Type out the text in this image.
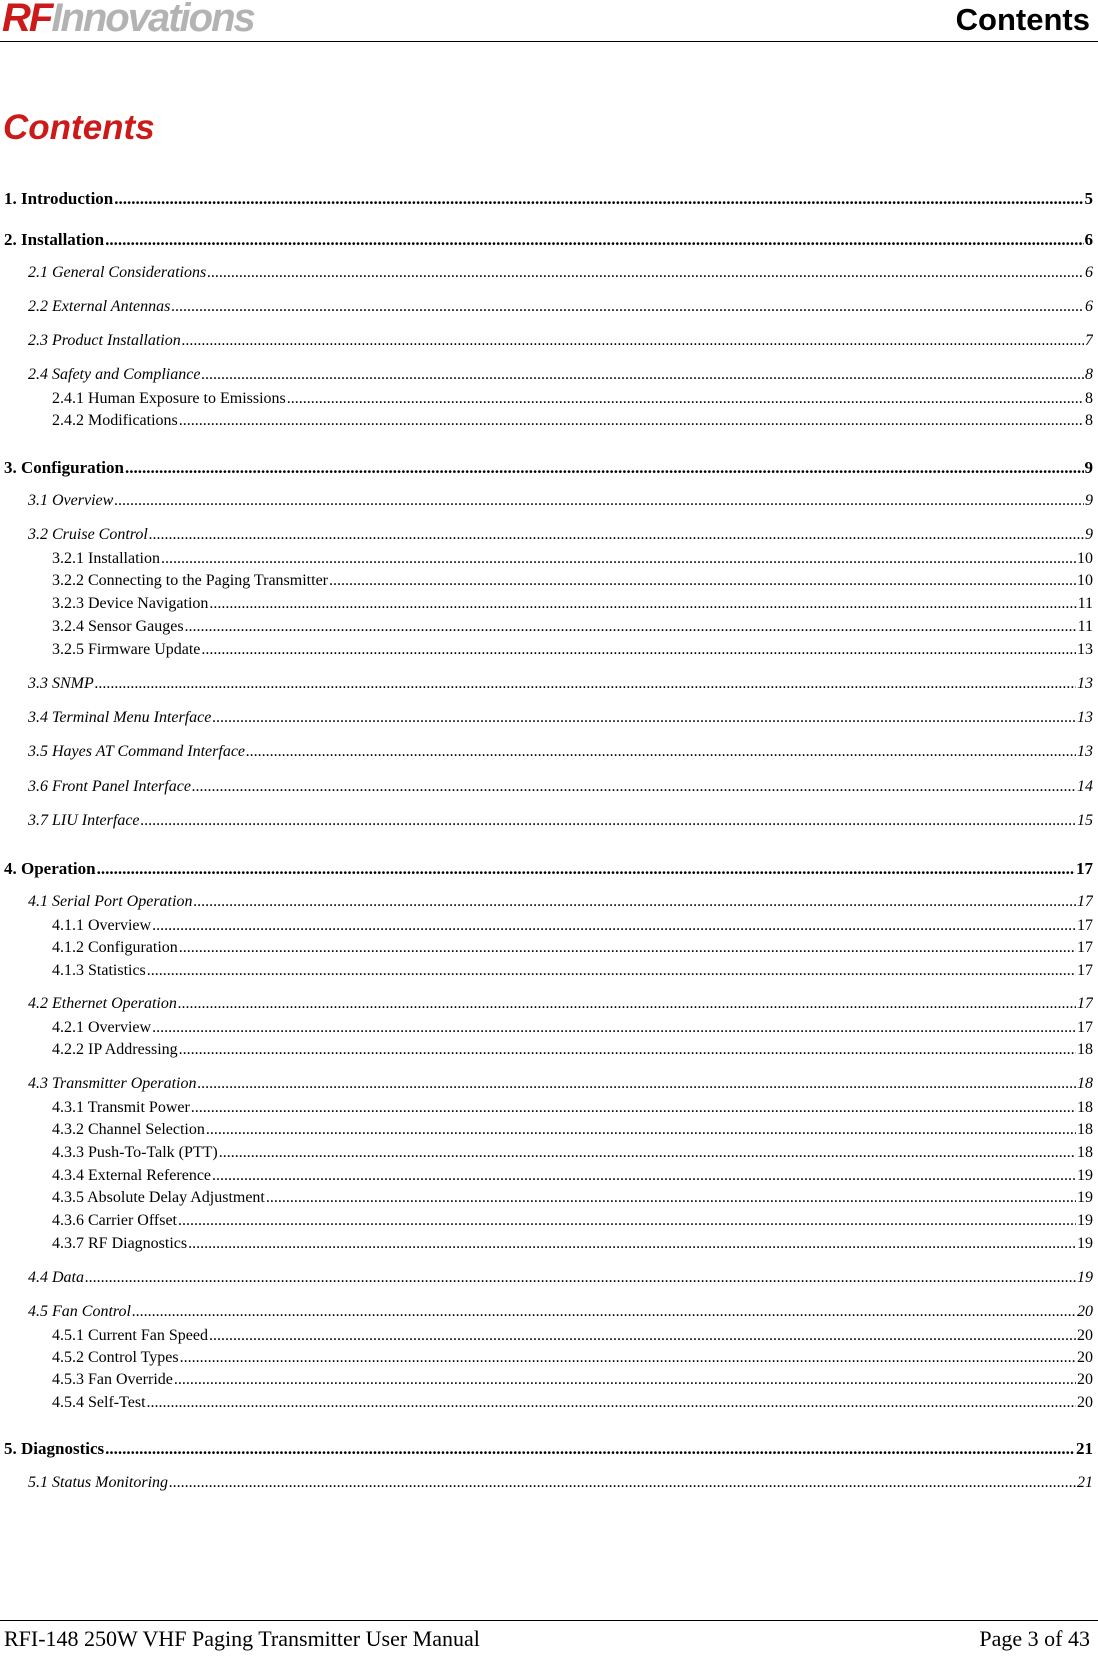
RFInnovations	Contents
Contents
1. Introduction .....	5
2. Installation .....	6
2.1 General Considerations .....	6
2.2 External Antennas .....	6
2.3 Product Installation .....	7
2.4 Safety and Compliance .....	8
2.4.1 Human Exposure to Emissions .....	8
2.4.2 Modifications .....	8
3. Configuration .....	9
3.1 Overview .....	9
3.2 Cruise Control .....	9
3.2.1 Installation .....	10
3.2.2 Connecting to the Paging Transmitter .....	10
3.2.3 Device Navigation .....	11
3.2.4 Sensor Gauges .....	11
3.2.5 Firmware Update .....	13
3.3 SNMP .....	13
3.4 Terminal Menu Interface .....	13
3.5 Hayes AT Command Interface .....	13
3.6 Front Panel Interface .....	14
3.7 LIU Interface .....	15
4. Operation .....	17
4.1 Serial Port Operation .....	17
4.1.1 Overview .....	17
4.1.2 Configuration .....	17
4.1.3 Statistics .....	17
4.2 Ethernet Operation .....	17
4.2.1 Overview .....	17
4.2.2 IP Addressing .....	18
4.3 Transmitter Operation .....	18
4.3.1 Transmit Power .....	18
4.3.2 Channel Selection .....	18
4.3.3 Push-To-Talk (PTT) .....	18
4.3.4 External Reference .....	19
4.3.5 Absolute Delay Adjustment .....	19
4.3.6 Carrier Offset .....	19
4.3.7 RF Diagnostics .....	19
4.4 Data .....	19
4.5 Fan Control .....	20
4.5.1 Current Fan Speed .....	20
4.5.2 Control Types .....	20
4.5.3 Fan Override .....	20
4.5.4 Self-Test .....	20
5. Diagnostics .....	21
5.1 Status Monitoring .....	21
RFI-148 250W VHF Paging Transmitter User Manual	Page 3 of 43
